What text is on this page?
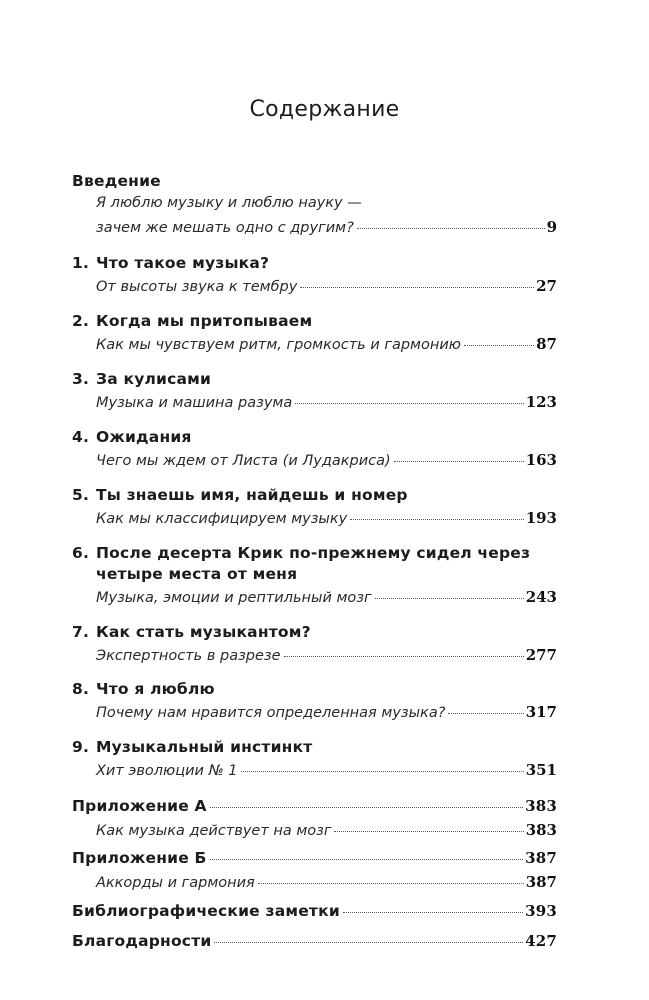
Содержание
Введение
Я люблю музыку и люблю науку —
зачем же мешать одно с другим?	9
1. Что такое музыка?
От высоты звука к тембру	27
2. Когда мы притопываем
Как мы чувствуем ритм, громкость и гармонию	87
3. За кулисами
Музыка и машина разума	123
4. Ожидания
Чего мы ждем от Листа (и Лудакриса)	163
5. Ты знаешь имя, найдешь и номер
Как мы классифицируем музыку	193
6. После десерта Крик по-прежнему сидел через
четыре места от меня
Музыка, эмоции и рептильный мозг	243
7. Как стать музыкантом?
Экспертность в разрезе	277
8. Что я люблю
Почему нам нравится определенная музыка?	317
9. Музыкальный инстинкт
Хит эволюции № 1	351
Приложение А	383
Как музыка действует на мозг	383
Приложение Б	387
Аккорды и гармония	387
Библиографические заметки	393
Благодарности	427
